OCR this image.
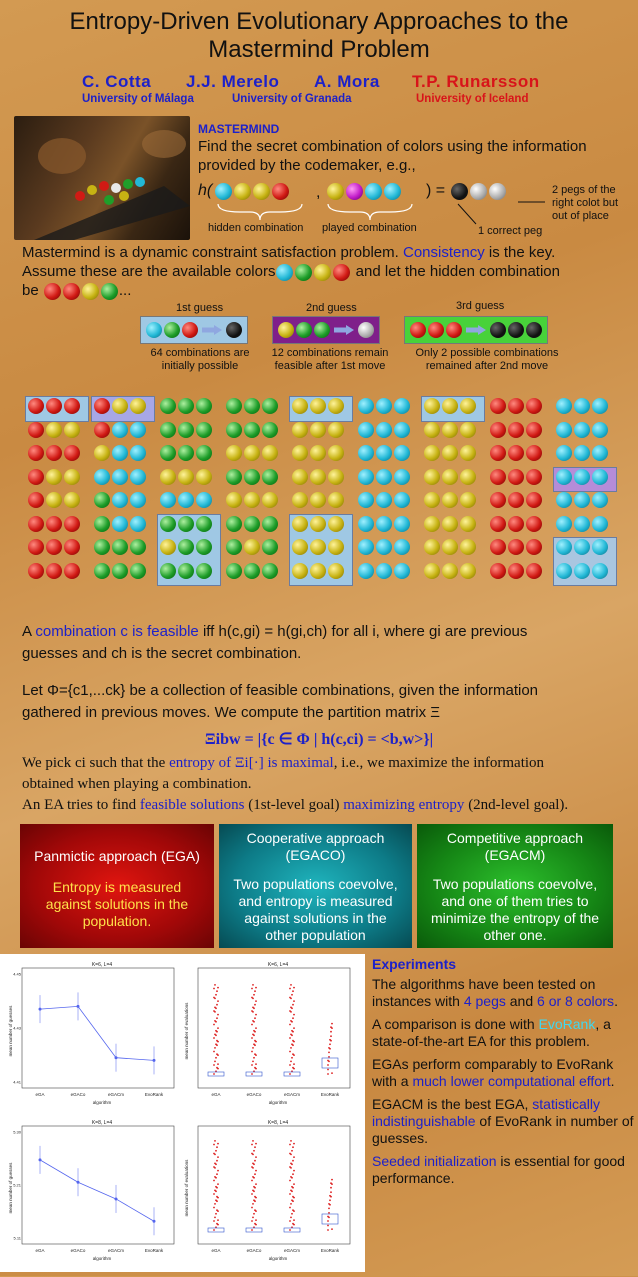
Entropy-Driven Evolutionary Approaches to the
Mastermind Problem
C. Cotta J.J. Merelo A. Mora T.P. Runarsson
University of Málaga	University of Granada	University of Iceland
MASTERMIND
Find the secret combination of colors using the information provided by the codemaker, e.g.,
h(	,	) =
hidden combination played combination	1 correct peg
2 pegs of the right colot but out of place
Mastermind is a dynamic constraint satisfaction problem. Consistency is the key.
Assume these are the available colors	and let the hidden combination
be	...
1st guess	2nd guess	3rd guess
64 combinations are initially possible
12 combinations remain feasible after 1st move
Only 2 possible combinations remained after 2nd move
A combination c is feasible iff h(c,gi) = h(gi,ch) for all i, where gi are previous
guesses and ch is the secret combination.
Let Φ={c1,...ck} be a collection of feasible combinations, given the information
gathered in previous moves. We compute the partition matrix Ξ
Ξibw = |{c ∈ Φ | h(c,ci) = <b,w>}|
We pick ci such that the entropy of Ξi[·] is maximal, i.e., we maximize the information
obtained when playing a combination.
An EA tries to find feasible solutions (1st-level goal) maximizing entropy (2nd-level goal).
Panmictic approach (EGA)
Entropy is measured against solutions in the population.
Cooperative approach (EGACO)
Two populations coevolve, and entropy is measured against solutions in the other population
Competitive approach (EGACM)
Two populations coevolve, and one of them tries to minimize the entropy of the other one.
K=6, L=4
algorithm
mean number of guesses
eGA	eGACo	eGACm	EvoRank
K=6, L=4
algorithm
mean number of evaluations
eGA	eGACo	eGACm	EvoRank
K=8, L=4
algorithm
mean number of guesses
eGA	eGACo	eGACm	EvoRank
K=8, L=4
algorithm
mean number of evaluations
eGA	eGACo	eGACm	EvoRank
4.41
4.43
4.45
5.11
5.21
5.30
Experiments
The algorithms have been tested on instances with 4 pegs and 6 or 8 colors.
A comparison is done with EvoRank, a state-of-the-art EA for this problem.
EGAs perform comparably to EvoRank with a much lower computational effort.
EGACM is the best EGA, statistically indistinguishable of EvoRank in number of guesses.
Seeded initialization is essential for good performance.
